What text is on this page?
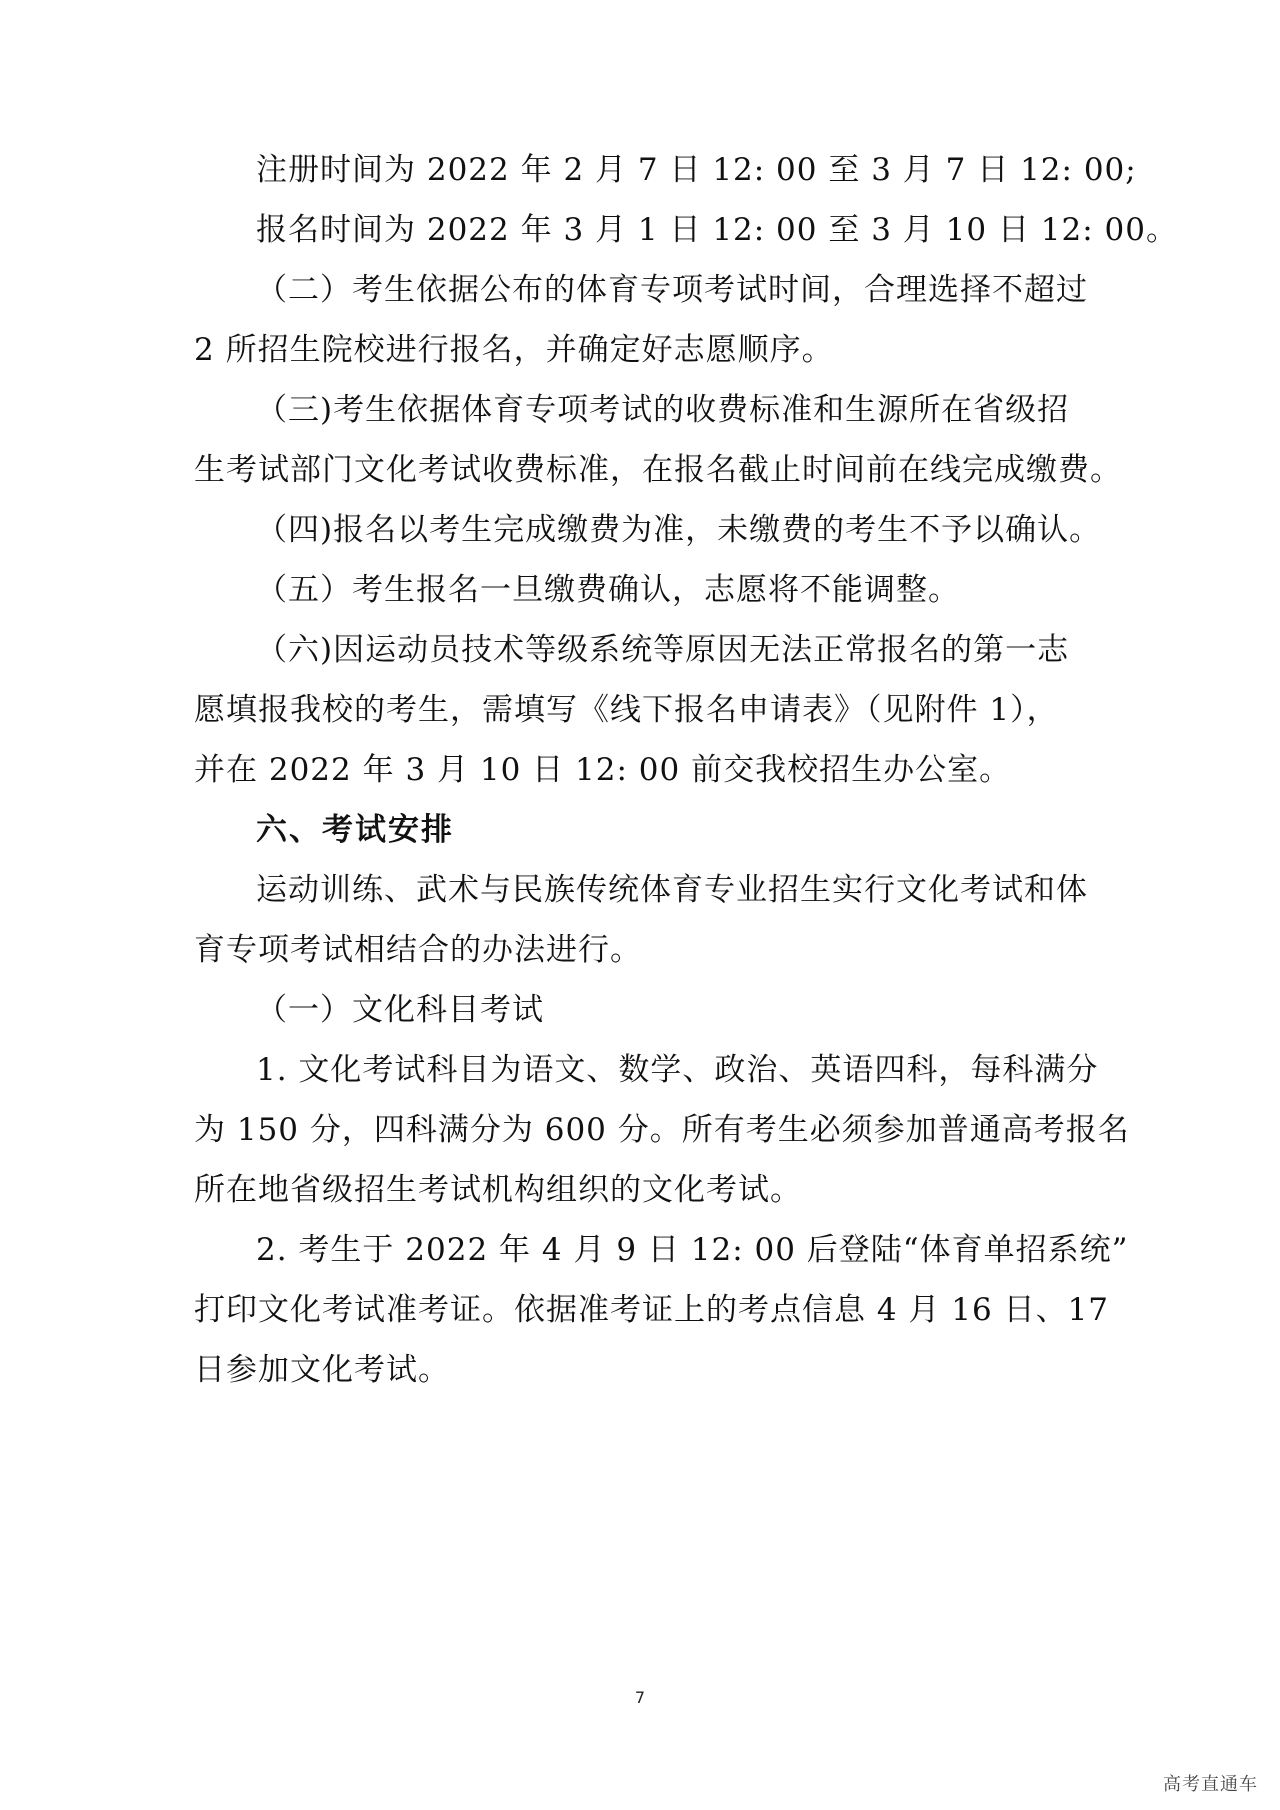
注册时间为 2022 年 2 月 7 日 12: 00 至 3 月 7 日 12: 00;
报名时间为 2022 年 3 月 1 日 12: 00 至 3 月 10 日 12: 00。
（二）考生依据公布的体育专项考试时间，合理选择不超过
2 所招生院校进行报名，并确定好志愿顺序。
（三)考生依据体育专项考试的收费标准和生源所在省级招
生考试部门文化考试收费标准，在报名截止时间前在线完成缴费。
（四)报名以考生完成缴费为准，未缴费的考生不予以确认。
（五）考生报名一旦缴费确认，志愿将不能调整。
（六)因运动员技术等级系统等原因无法正常报名的第一志
愿填报我校的考生，需填写《线下报名申请表》（见附件 1），
并在 2022 年 3 月 10 日 12: 00 前交我校招生办公室。
六、考试安排
运动训练、武术与民族传统体育专业招生实行文化考试和体
育专项考试相结合的办法进行。
（一）文化科目考试
1. 文化考试科目为语文、数学、政治、英语四科，每科满分
为 150 分，四科满分为 600 分。所有考生必须参加普通高考报名
所在地省级招生考试机构组织的文化考试。
2. 考生于 2022 年 4 月 9 日 12: 00 后登陆“体育单招系统”
打印文化考试准考证。依据准考证上的考点信息 4 月 16 日、17
日参加文化考试。
7
高考直通车
